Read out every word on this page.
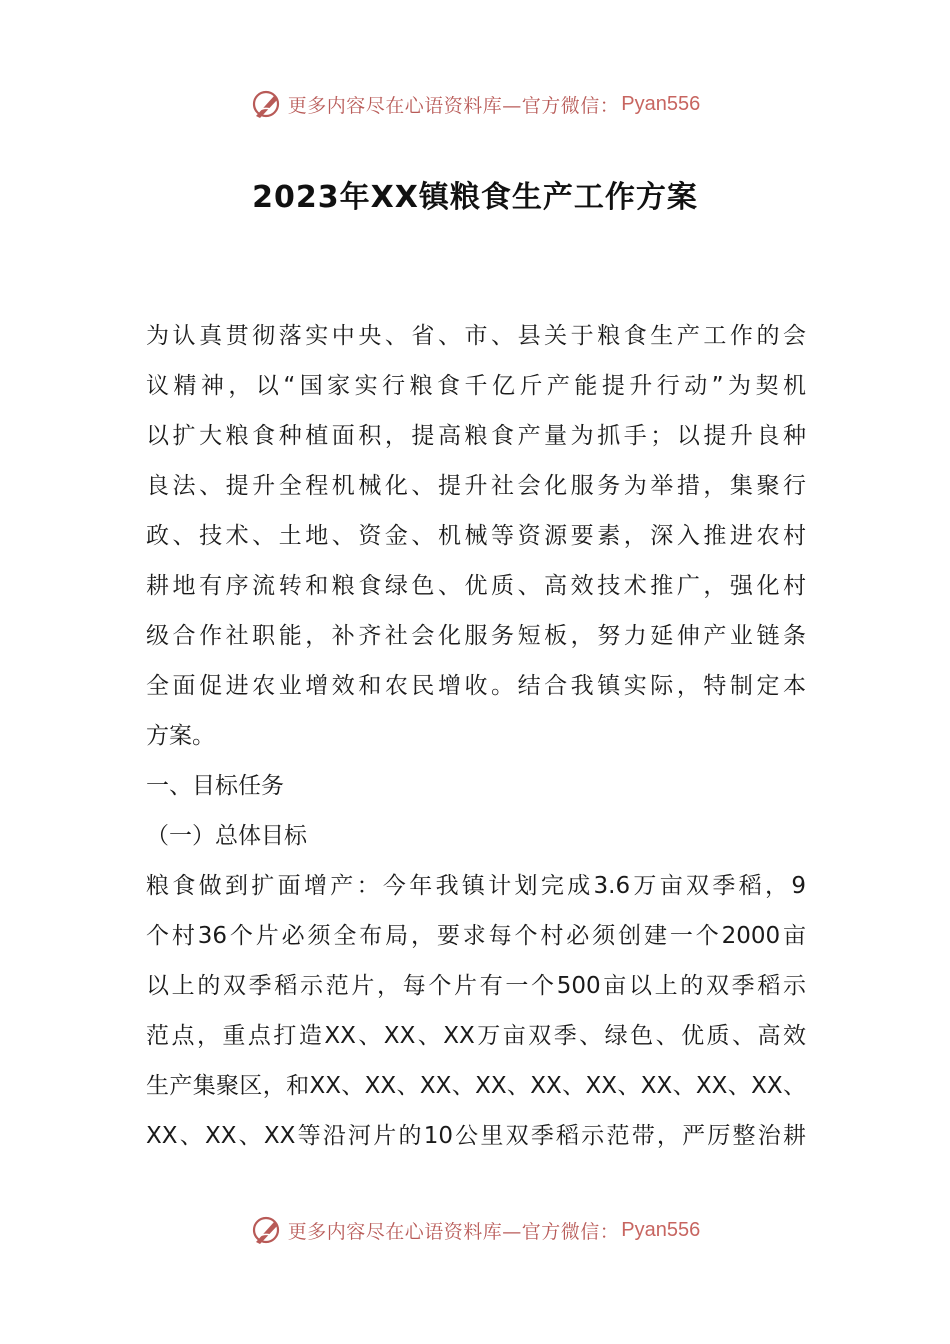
更多内容尽在心语资料库—官方微信： Pyan556
2023年XX镇粮食生产工作方案
为认真贯彻落实中央、省、市、县关于粮食生产工作的会
议精神，以“国家实行粮食千亿斤产能提升行动”为契机
以扩大粮食种植面积，提高粮食产量为抓手；以提升良种
良法、提升全程机械化、提升社会化服务为举措，集聚行
政、技术、土地、资金、机械等资源要素，深入推进农村
耕地有序流转和粮食绿色、优质、高效技术推广，强化村
级合作社职能，补齐社会化服务短板，努力延伸产业链条
全面促进农业增效和农民增收。结合我镇实际，特制定本
方案。
一、目标任务
（一）总体目标
粮食做到扩面增产：今年我镇计划完成3.6万亩双季稻，9
个村36个片必须全布局，要求每个村必须创建一个2000亩
以上的双季稻示范片，每个片有一个500亩以上的双季稻示
范点，重点打造XX、XX、XX万亩双季、绿色、优质、高效
生产集聚区，和XX、XX、XX、XX、XX、XX、XX、XX、XX、
XX、XX、XX等沿河片的10公里双季稻示范带，严厉整治耕
更多内容尽在心语资料库—官方微信： Pyan556
